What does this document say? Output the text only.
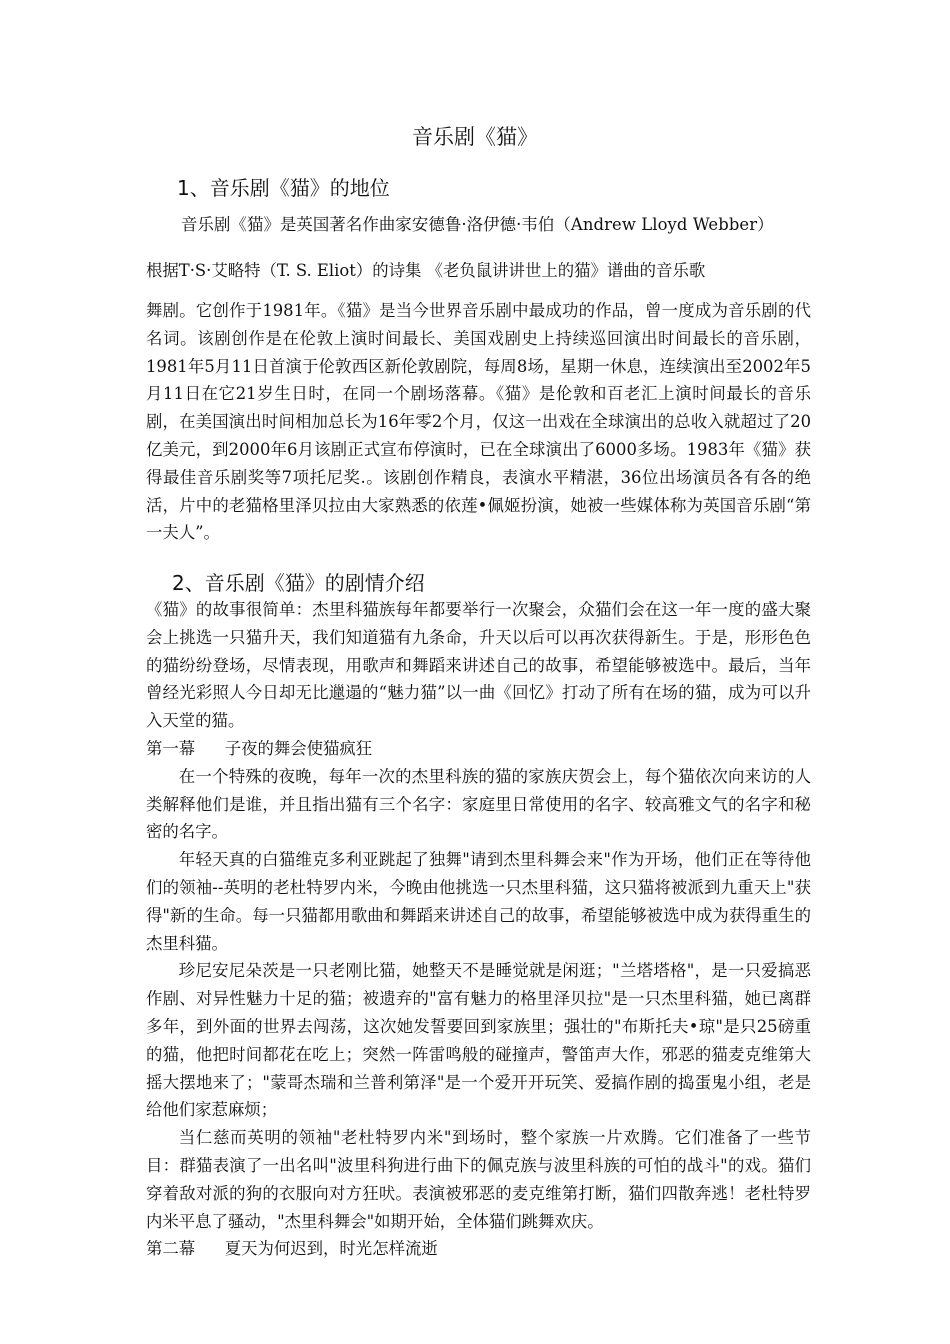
音乐剧《猫》
1、音乐剧《猫》的地位
音乐剧《猫》是英国著名作曲家安德鲁·洛伊德·韦伯（Andrew Lloyd Webber）
根据T·S·艾略特（T. S. Eliot）的诗集 《老负鼠讲讲世上的猫》谱曲的音乐歌

舞剧。它创作于1981年。《猫》是当今世界音乐剧中最成功的作品，曾一度成为音乐剧的代名词。该剧创作是在伦敦上演时间最长、美国戏剧史上持续巡回演出时间最长的音乐剧，1981年5月11日首演于伦敦西区新伦敦剧院，每周8场，星期一休息，连续演出至2002年5月11日在它21岁生日时，在同一个剧场落幕。《猫》是伦敦和百老汇上演时间最长的音乐剧，在美国演出时间相加总长为16年零2个月，仅这一出戏在全球演出的总收入就超过了20亿美元，到2000年6月该剧正式宣布停演时，已在全球演出了6000多场。1983年《猫》获得最佳音乐剧奖等7项托尼奖.。该剧创作精良，表演水平精湛，36位出场演员各有各的绝活，片中的老猫格里泽贝拉由大家熟悉的依莲•佩姬扮演，她被一些媒体称为英国音乐剧“第一夫人”。

2、音乐剧《猫》的剧情介绍

《猫》的故事很简单：杰里科猫族每年都要举行一次聚会，众猫们会在这一年一度的盛大聚会上挑选一只猫升天，我们知道猫有九条命，升天以后可以再次获得新生。于是，形形色色的猫纷纷登场，尽情表现，用歌声和舞蹈来讲述自己的故事，希望能够被选中。最后，当年曾经光彩照人今日却无比邋遢的“魅力猫”以一曲《回忆》打动了所有在场的猫，成为可以升入天堂的猫。

第一幕 子夜的舞会使猫疯狂

在一个特殊的夜晚，每年一次的杰里科族的猫的家族庆贺会上，每个猫依次向来访的人类解释他们是谁，并且指出猫有三个名字：家庭里日常使用的名字、较高雅文气的名字和秘密的名字。

年轻天真的白猫维克多利亚跳起了独舞"请到杰里科舞会来"作为开场，他们正在等待他们的领袖--英明的老杜特罗内米，今晚由他挑选一只杰里科猫，这只猫将被派到九重天上"获得"新的生命。每一只猫都用歌曲和舞蹈来讲述自己的故事，希望能够被选中成为获得重生的杰里科猫。

珍尼安尼朵茨是一只老刚比猫，她整天不是睡觉就是闲逛；"兰塔塔格"，是一只爱搞恶作剧、对异性魅力十足的猫；被遗弃的"富有魅力的格里泽贝拉"是一只杰里科猫，她已离群多年，到外面的世界去闯荡，这次她发誓要回到家族里；强壮的"布斯托夫•琼"是只25磅重的猫，他把时间都花在吃上；突然一阵雷鸣般的碰撞声，警笛声大作，邪恶的猫麦克维第大摇大摆地来了；"蒙哥杰瑞和兰普利第泽"是一个爱开开玩笑、爱搞作剧的捣蛋鬼小组，老是给他们家惹麻烦；

当仁慈而英明的领袖"老杜特罗内米"到场时，整个家族一片欢腾。它们准备了一些节目：群猫表演了一出名叫"波里科狗进行曲下的佩克族与波里科族的可怕的战斗"的戏。猫们穿着敌对派的狗的衣服向对方狂吠。表演被邪恶的麦克维第打断，猫们四散奔逃！老杜特罗内米平息了骚动，"杰里科舞会"如期开始，全体猫们跳舞欢庆。

第二幕 夏天为何迟到，时光怎样流逝
